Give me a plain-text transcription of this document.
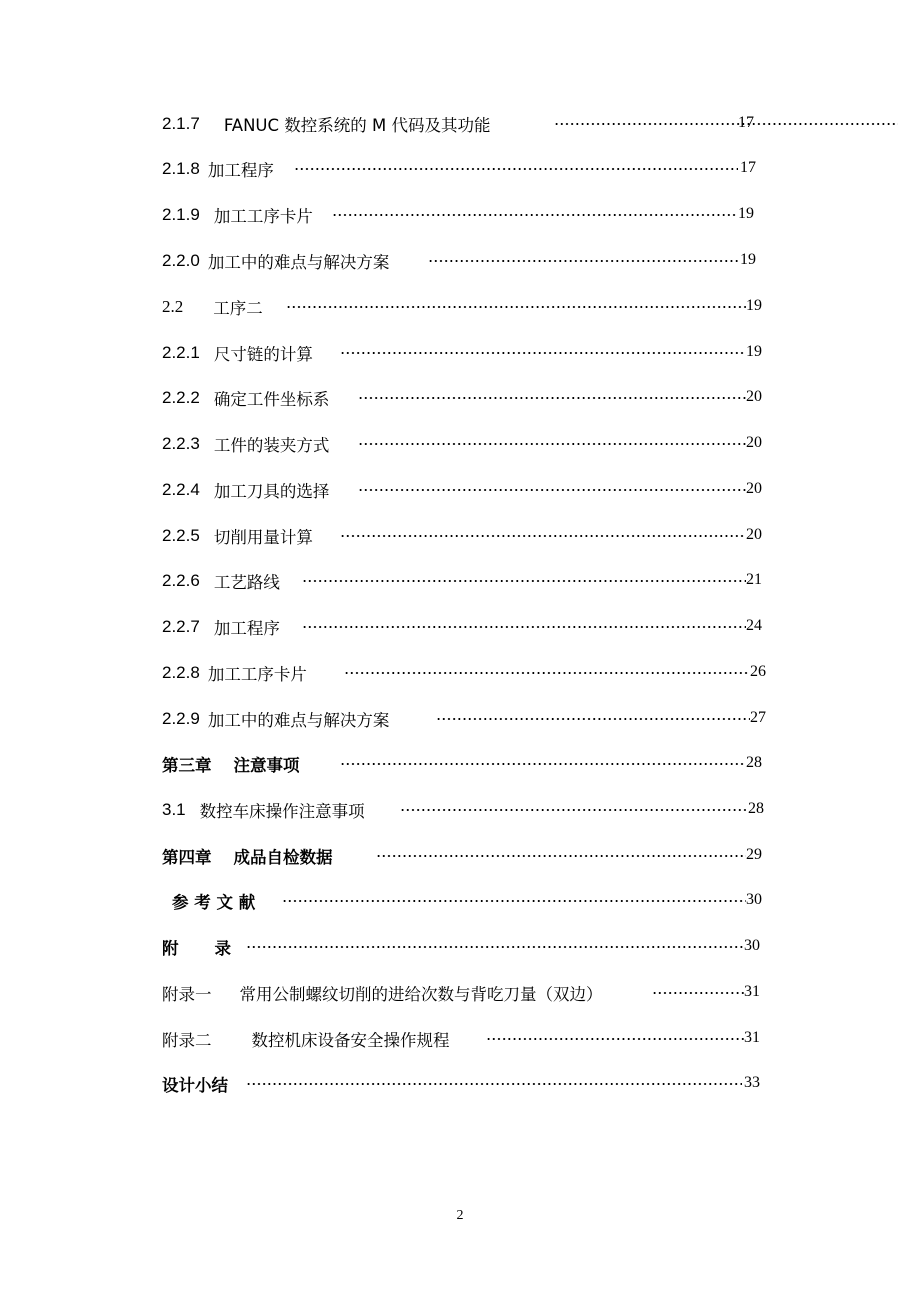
2.1.7 FANUC 数控系统的 M 代码及其功能	17
2.1.8 加工程序	17
2.1.9 加工工序卡片	19
2.2.0 加工中的难点与解决方案	19
2.2 工序二	19
2.2.1 尺寸链的计算	19
2.2.2 确定工件坐标系	20
2.2.3 工件的装夹方式	20
2.2.4 加工刀具的选择	20
2.2.5 切削用量计算	20
2.2.6 工艺路线	21
2.2.7 加工程序	24
2.2.8 加工工序卡片	26
2.2.9 加工中的难点与解决方案	27
第三章 注意事项	28
3.1 数控车床操作注意事项	28
第四章 成品自检数据	29
参 考 文 献	30
附 录	30
附录一 常用公制螺纹切削的进给次数与背吃刀量（双边）	31
附录二 数控机床设备安全操作规程	31
设计小结	33
2
